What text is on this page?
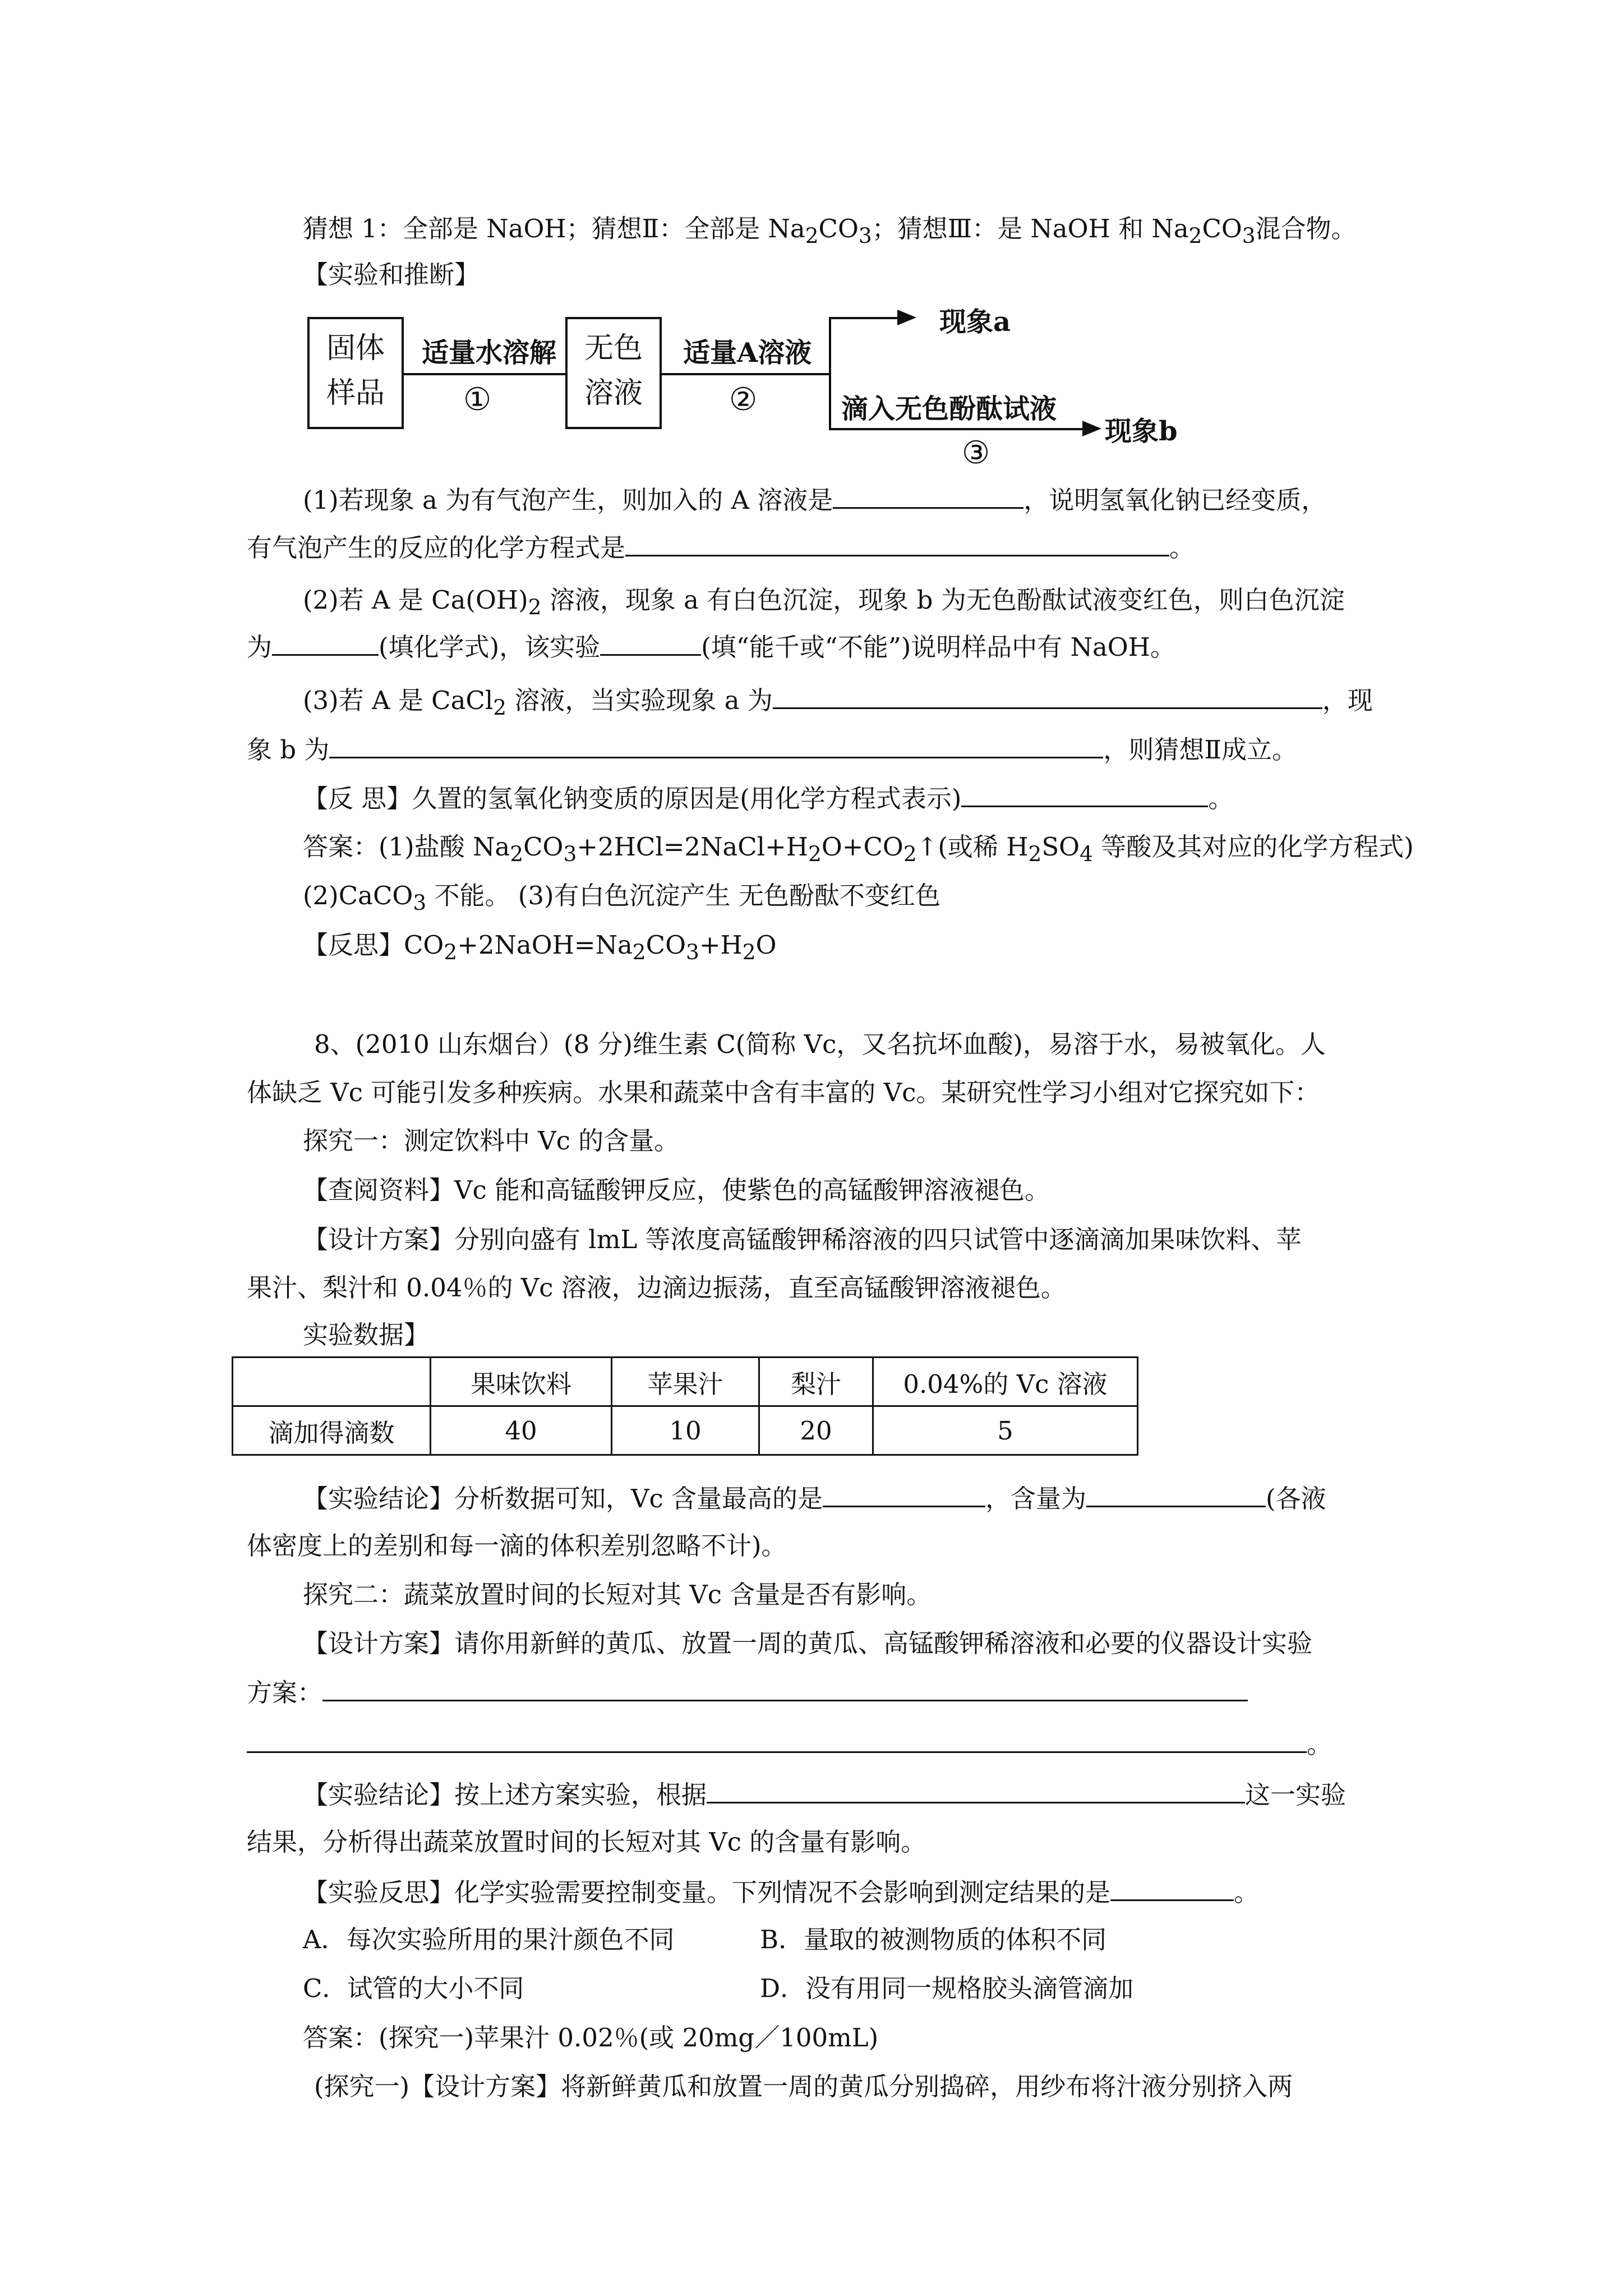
猜想 1：全部是 NaOH；猜想Ⅱ：全部是 $Na_2CO_3$；猜想Ⅲ：是 NaOH 和 $Na_2CO_3$混合物。
【实验和推断】
固体
样品
适量水溶解
①
无色
溶液
适量A溶液
②
现象a
滴入无色酚酞试液
③
现象b
(1)若现象 a 为有气泡产生，则加入的 A 溶液是	，说明氢氧化钠已经变质，
有气泡产生的反应的化学方程式是	。
(2)若 A 是 $Ca(OH)_2$ 溶液，现象 a 有白色沉淀，现象 b 为无色酚酞试液变红色，则白色沉淀
为	(填化学式)，该实验	(填“能千或“不能”)说明样品中有 NaOH。
(3)若 A 是 CaCl$_2$ 溶液，当实验现象 a 为	，现
象 b 为	，则猜想Ⅱ成立。
【反 思】久置的氢氧化钠变质的原因是(用化学方程式表示)	。
答案：(1)盐酸 $Na_2CO_3+2HCl=2NaCl+H_2O+CO_2↑$(或稀 $H_2SO_4$ 等酸及其对应的化学方程式)
(2)CaCO$_3$ 不能。 (3)有白色沉淀产生 无色酚酞不变红色
【反思】$CO_2+2NaOH=Na_2CO_3+H_2O$
8、(2010 山东烟台）(8 分)维生素 C(简称 Vc，又名抗坏血酸)，易溶于水，易被氧化。人
体缺乏 Vc 可能引发多种疾病。水果和蔬菜中含有丰富的 Vc。某研究性学习小组对它探究如下：
探究一：测定饮料中 Vc 的含量。
【查阅资料】Vc 能和高锰酸钾反应，使紫色的高锰酸钾溶液褪色。
【设计方案】分别向盛有 lmL 等浓度高锰酸钾稀溶液的四只试管中逐滴滴加果味饮料、苹
果汁、梨汁和 0.04％的 Vc 溶液，边滴边振荡，直至高锰酸钾溶液褪色。
实验数据】
	果味饮料	苹果汁	梨汁	0.04%的 Vc 溶液
滴加得滴数	40	10	20	5
【实验结论】分析数据可知，Vc 含量最高的是	，含量为	(各液
体密度上的差别和每一滴的体积差别忽略不计)。
探究二：蔬菜放置时间的长短对其 Vc 含量是否有影响。
【设计方案】请你用新鲜的黄瓜、放置一周的黄瓜、高锰酸钾稀溶液和必要的仪器设计实验
方案：
。
【实验结论】按上述方案实验，根据	这一实验
结果，分析得出蔬菜放置时间的长短对其 Vc 的含量有影响。
【实验反思】化学实验需要控制变量。下列情况不会影响到测定结果的是	。
A．每次实验所用的果汁颜色不同	B．量取的被测物质的体积不同
C．试管的大小不同	D．没有用同一规格胶头滴管滴加
答案：(探究一)苹果汁 0.02％(或 20mg／100mL)
(探究一)【设计方案】将新鲜黄瓜和放置一周的黄瓜分别捣碎，用纱布将汁液分别挤入两
